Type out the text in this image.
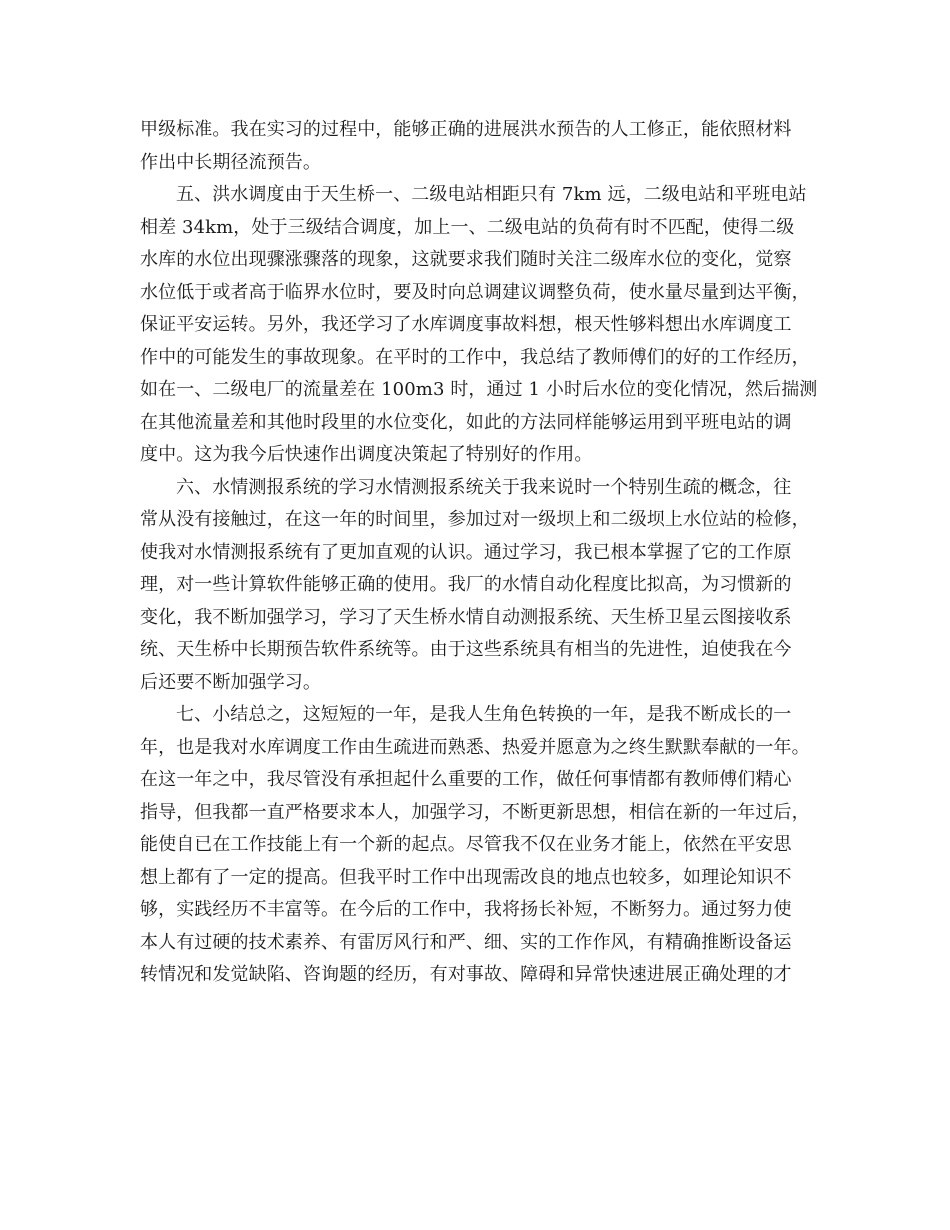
甲级标准。我在实习的过程中，能够正确的进展洪水预告的人工修正，能依照材料
作出中长期径流预告。
五、洪水调度由于天生桥一、二级电站相距只有 7km 远，二级电站和平班电站
相差 34km，处于三级结合调度，加上一、二级电站的负荷有时不匹配，使得二级
水库的水位出现骤涨骤落的现象，这就要求我们随时关注二级库水位的变化，觉察
水位低于或者高于临界水位时，要及时向总调建议调整负荷，使水量尽量到达平衡，
保证平安运转。另外，我还学习了水库调度事故料想，根天性够料想出水库调度工
作中的可能发生的事故现象。在平时的工作中，我总结了教师傅们的好的工作经历，
如在一、二级电厂的流量差在 100m3 时，通过 1 小时后水位的变化情况，然后揣测
在其他流量差和其他时段里的水位变化，如此的方法同样能够运用到平班电站的调
度中。这为我今后快速作出调度决策起了特别好的作用。
六、水情测报系统的学习水情测报系统关于我来说时一个特别生疏的概念，往
常从没有接触过，在这一年的时间里，参加过对一级坝上和二级坝上水位站的检修，
使我对水情测报系统有了更加直观的认识。通过学习，我已根本掌握了它的工作原
理，对一些计算软件能够正确的使用。我厂的水情自动化程度比拟高，为习惯新的
变化，我不断加强学习，学习了天生桥水情自动测报系统、天生桥卫星云图接收系
统、天生桥中长期预告软件系统等。由于这些系统具有相当的先进性，迫使我在今
后还要不断加强学习。
七、小结总之，这短短的一年，是我人生角色转换的一年，是我不断成长的一
年，也是我对水库调度工作由生疏进而熟悉、热爱并愿意为之终生默默奉献的一年。
在这一年之中，我尽管没有承担起什么重要的工作，做任何事情都有教师傅们精心
指导，但我都一直严格要求本人，加强学习，不断更新思想，相信在新的一年过后，
能使自已在工作技能上有一个新的起点。尽管我不仅在业务才能上，依然在平安思
想上都有了一定的提高。但我平时工作中出现需改良的地点也较多，如理论知识不
够，实践经历不丰富等。在今后的工作中，我将扬长补短，不断努力。通过努力使
本人有过硬的技术素养、有雷厉风行和严、细、实的工作作风，有精确推断设备运
转情况和发觉缺陷、咨询题的经历，有对事故、障碍和异常快速进展正确处理的才
